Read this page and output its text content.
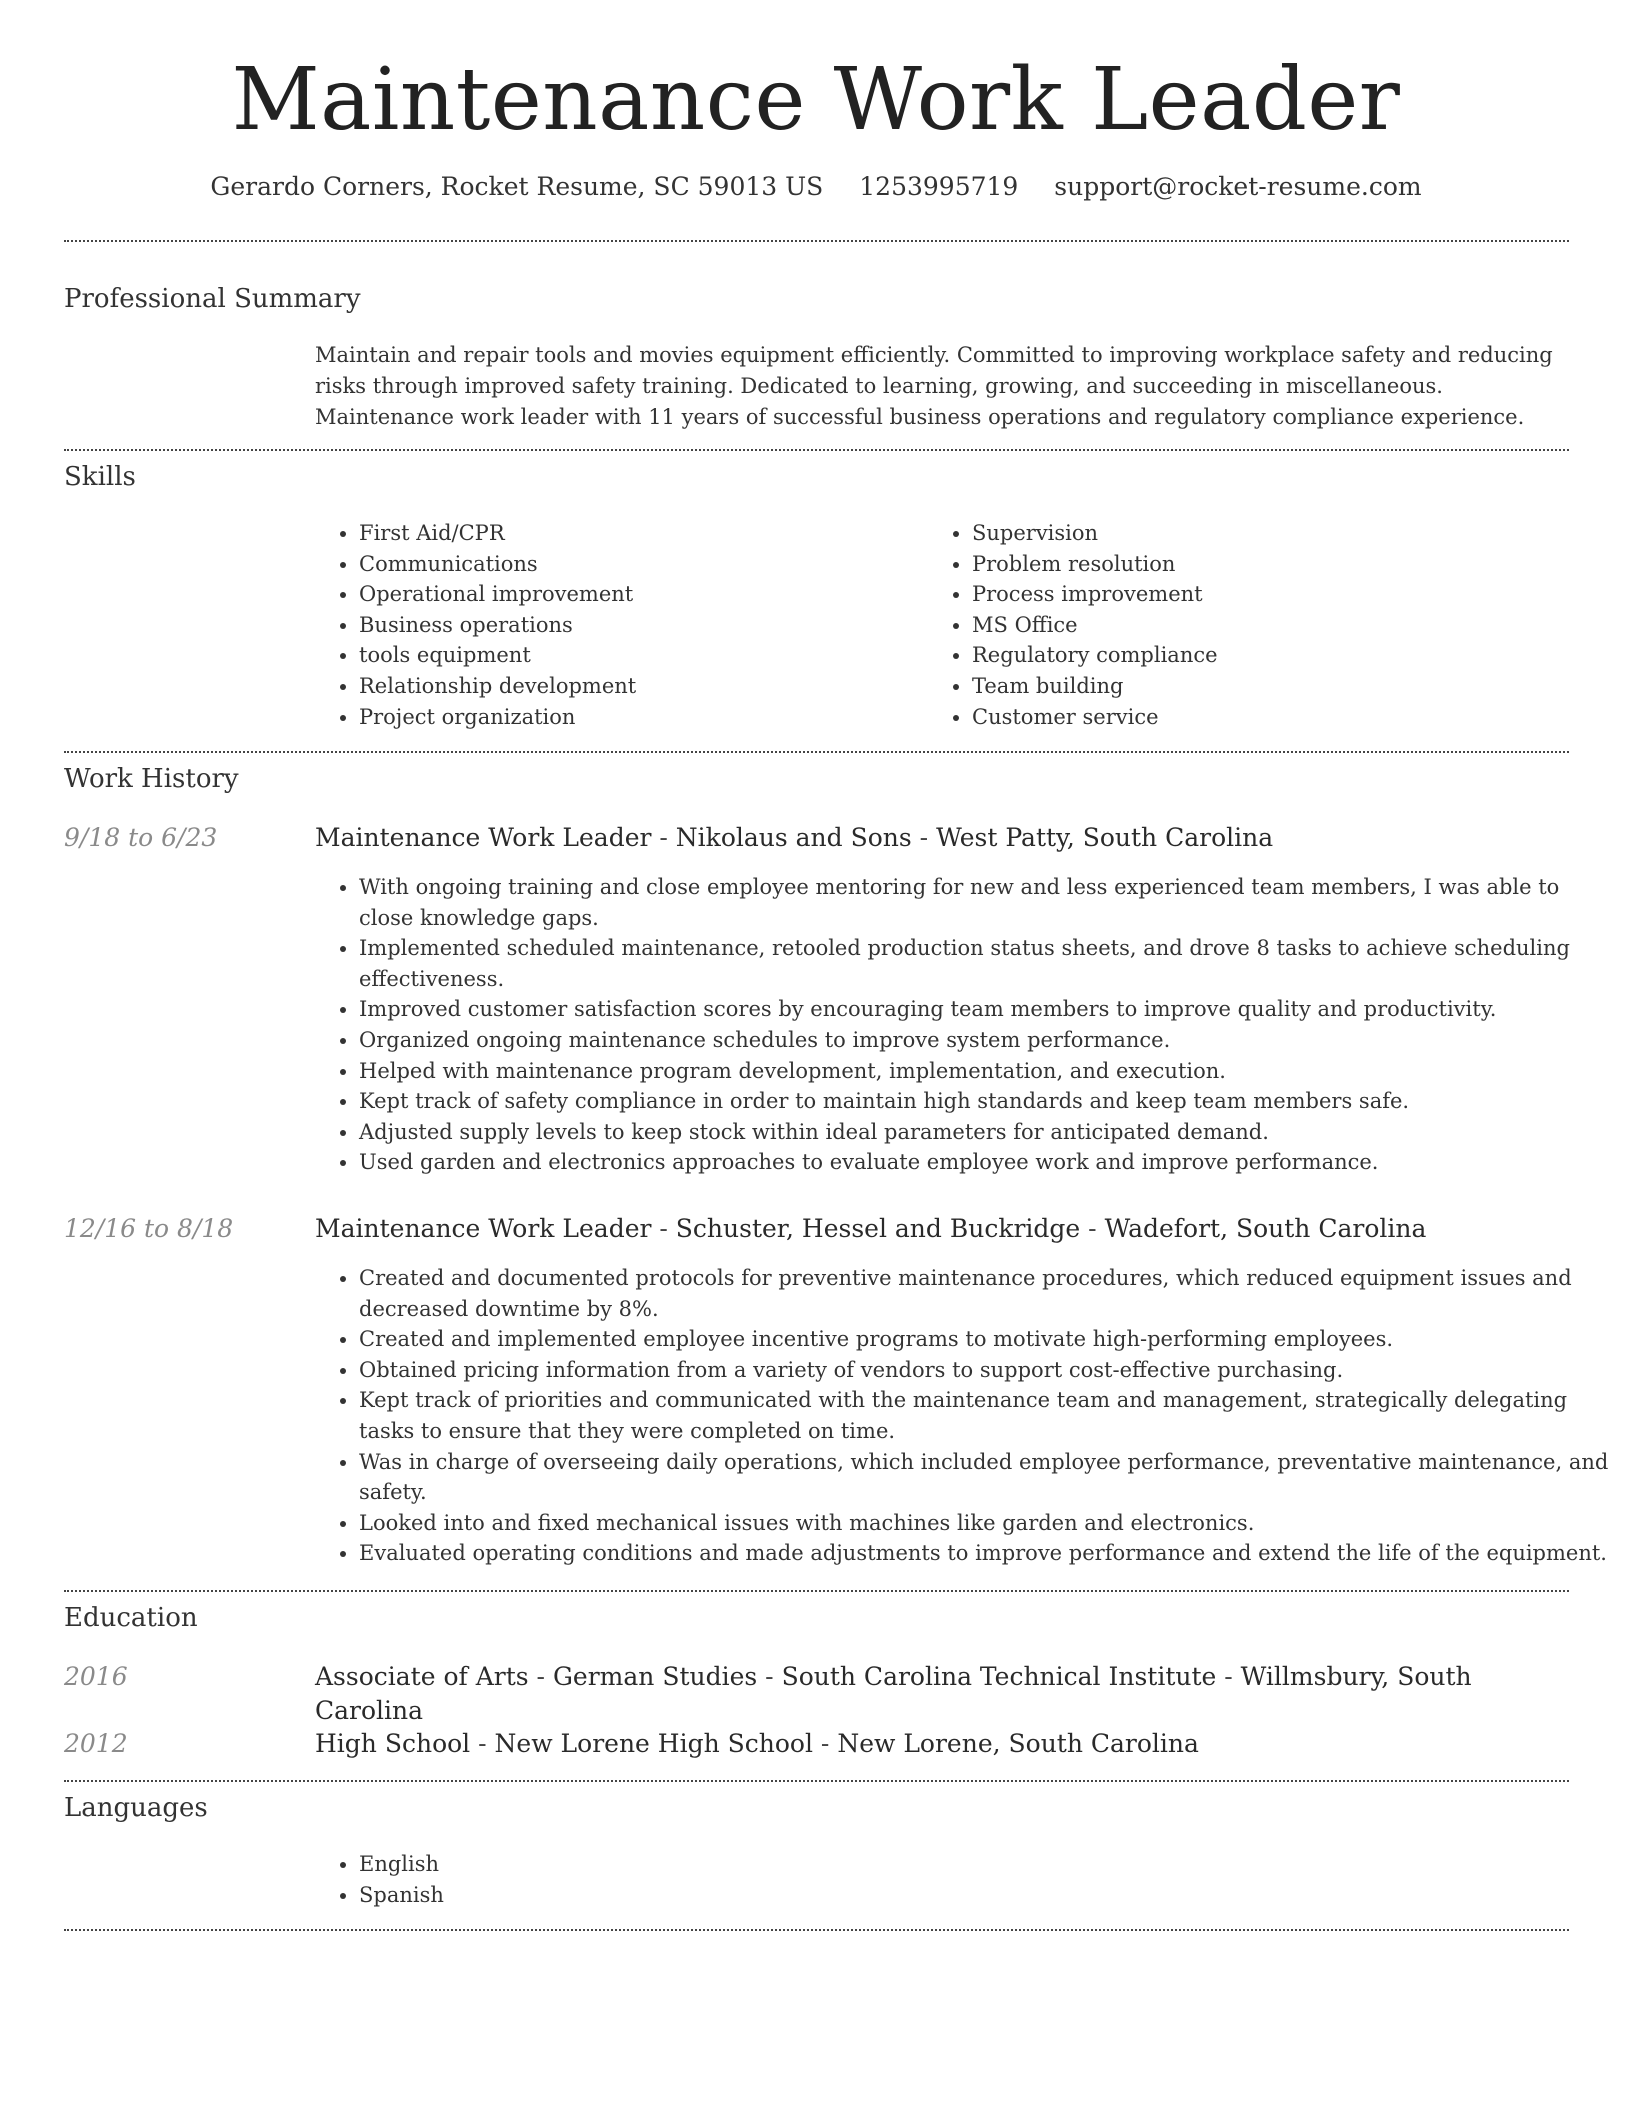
Maintenance Work Leader
Gerardo Corners, Rocket Resume, SC 59013 US 1253995719 support@rocket-resume.com
Professional Summary
Maintain and repair tools and movies equipment efficiently. Committed to improving workplace safety and reducing risks through improved safety training. Dedicated to learning, growing, and succeeding in miscellaneous. Maintenance work leader with 11 years of successful business operations and regulatory compliance experience.
Skills
• First Aid/CPR
• Communications
• Operational improvement
• Business operations
• tools equipment
• Relationship development
• Project organization
• Supervision
• Problem resolution
• Process improvement
• MS Office
• Regulatory compliance
• Team building
• Customer service
Work History
9/18 to 6/23	Maintenance Work Leader - Nikolaus and Sons - West Patty, South Carolina
• With ongoing training and close employee mentoring for new and less experienced team members, I was able to close knowledge gaps.
• Implemented scheduled maintenance, retooled production status sheets, and drove 8 tasks to achieve scheduling effectiveness.
• Improved customer satisfaction scores by encouraging team members to improve quality and productivity.
• Organized ongoing maintenance schedules to improve system performance.
• Helped with maintenance program development, implementation, and execution.
• Kept track of safety compliance in order to maintain high standards and keep team members safe.
• Adjusted supply levels to keep stock within ideal parameters for anticipated demand.
• Used garden and electronics approaches to evaluate employee work and improve performance.
12/16 to 8/18	Maintenance Work Leader - Schuster, Hessel and Buckridge - Wadefort, South Carolina
• Created and documented protocols for preventive maintenance procedures, which reduced equipment issues and decreased downtime by 8%.
• Created and implemented employee incentive programs to motivate high-performing employees.
• Obtained pricing information from a variety of vendors to support cost-effective purchasing.
• Kept track of priorities and communicated with the maintenance team and management, strategically delegating tasks to ensure that they were completed on time.
• Was in charge of overseeing daily operations, which included employee performance, preventative maintenance, and safety.
• Looked into and fixed mechanical issues with machines like garden and electronics.
• Evaluated operating conditions and made adjustments to improve performance and extend the life of the equipment.
Education
2016	Associate of Arts - German Studies - South Carolina Technical Institute - Willmsbury, South Carolina
2012	High School - New Lorene High School - New Lorene, South Carolina
Languages
• English
• Spanish
